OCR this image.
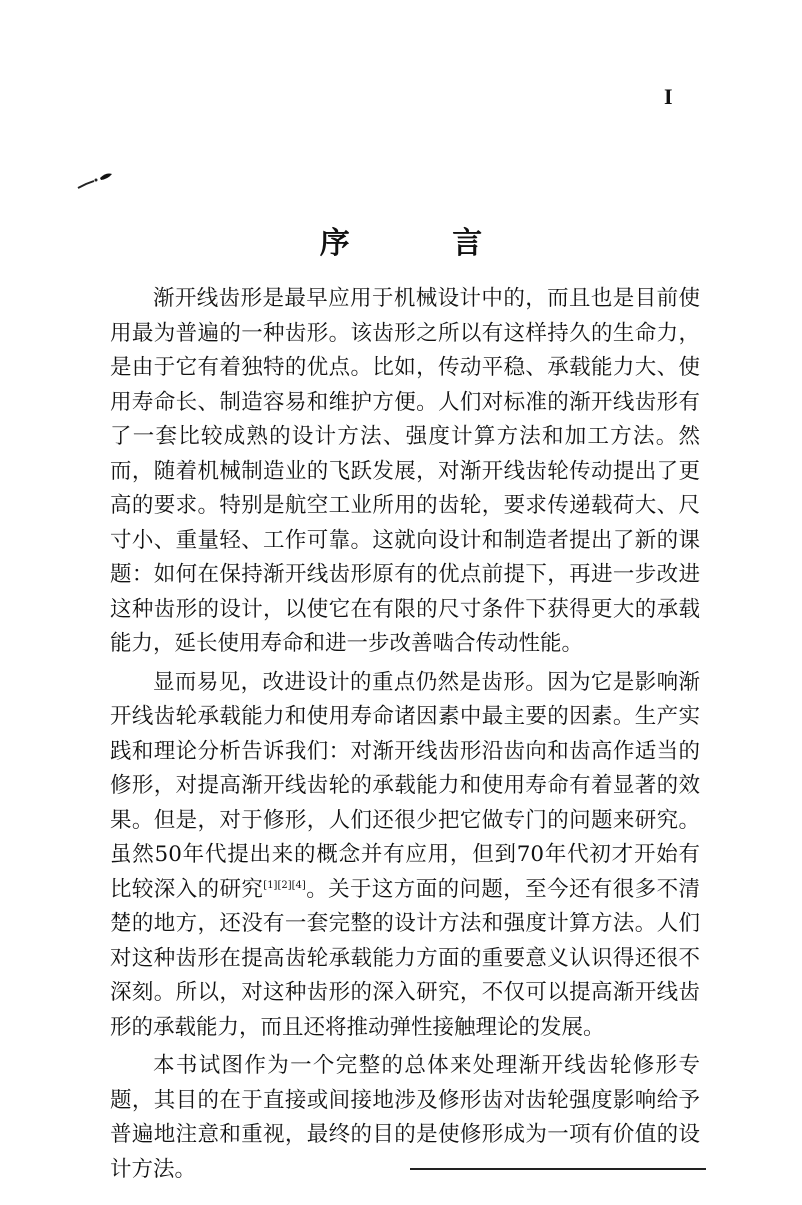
I
序 言

渐开线齿形是最早应用于机械设计中的，而且也是目前使用最为普遍的一种齿形。该齿形之所以有这样持久的生命力，是由于它有着独特的优点。比如，传动平稳、承载能力大、使用寿命长、制造容易和维护方便。人们对标准的渐开线齿形有了一套比较成熟的设计方法、强度计算方法和加工方法。然而，随着机械制造业的飞跃发展，对渐开线齿轮传动提出了更高的要求。特别是航空工业所用的齿轮，要求传递载荷大、尺寸小、重量轻、工作可靠。这就向设计和制造者提出了新的课题：如何在保持渐开线齿形原有的优点前提下，再进一步改进这种齿形的设计，以使它在有限的尺寸条件下获得更大的承载能力，延长使用寿命和进一步改善啮合传动性能。

显而易见，改进设计的重点仍然是齿形。因为它是影响渐开线齿轮承载能力和使用寿命诸因素中最主要的因素。生产实践和理论分析告诉我们：对渐开线齿形沿齿向和齿高作适当的修形，对提高渐开线齿轮的承载能力和使用寿命有着显著的效果。但是，对于修形，人们还很少把它做专门的问题来研究。虽然50年代提出来的概念并有应用，但到70年代初才开始有比较深入的研究[1][2][4]。关于这方面的问题，至今还有很多不清楚的地方，还没有一套完整的设计方法和强度计算方法。人们对这种齿形在提高齿轮承载能力方面的重要意义认识得还很不深刻。所以，对这种齿形的深入研究，不仅可以提高渐开线齿形的承载能力，而且还将推动弹性接触理论的发展。

本书试图作为一个完整的总体来处理渐开线齿轮修形专题，其目的在于直接或间接地涉及修形齿对齿轮强度影响给予普遍地注意和重视，最终的目的是使修形成为一项有价值的设计方法。
